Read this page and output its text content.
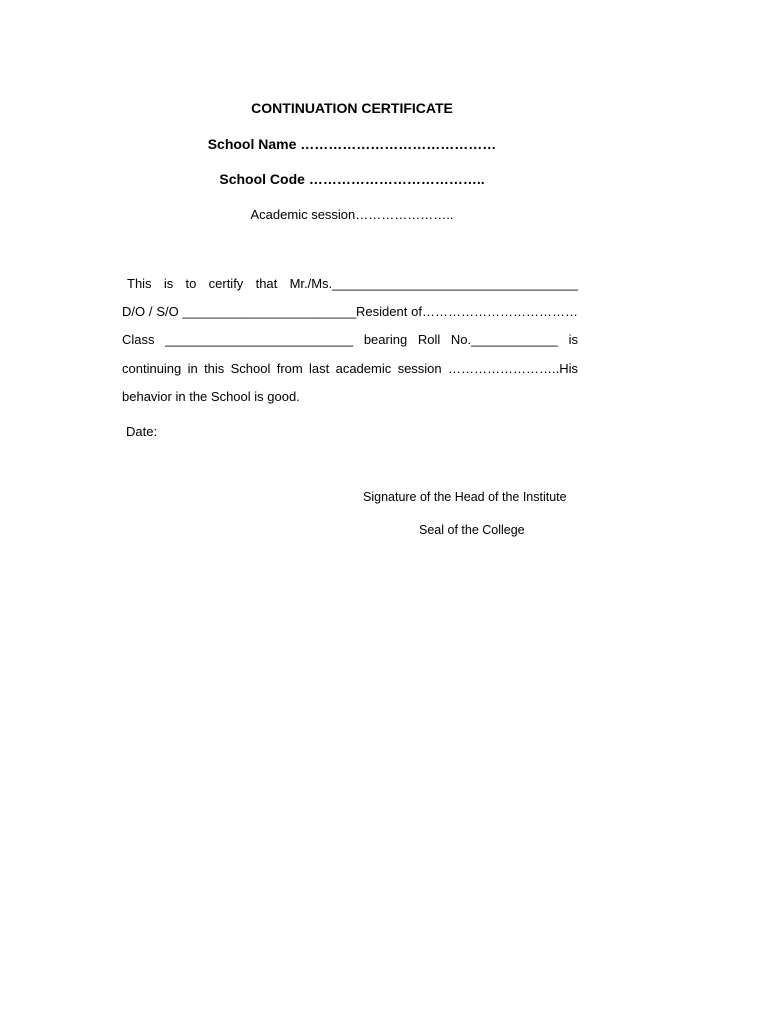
CONTINUATION CERTIFICATE
School Name ……………………………………
School Code ………………………………..
Academic session…………………..
This is to certify that Mr./Ms.__________________________________
D/O / S/O ________________________Resident of………………………………
Class __________________________ bearing Roll No.____________ is
continuing in this School from last academic session ……………………..His
behavior in the School is good.
Date:
Signature of the Head of the Institute
Seal of the College
